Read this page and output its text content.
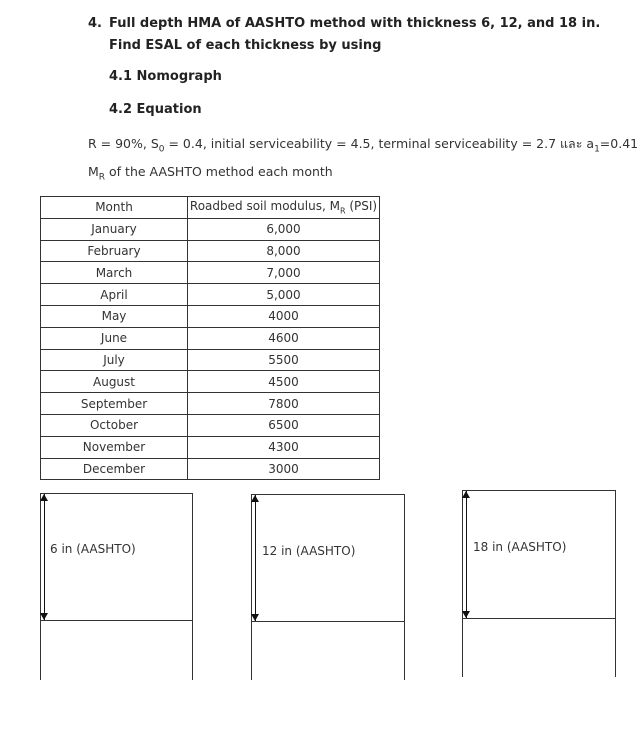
4. Full depth HMA of AASHTO method with thickness 6, 12, and 18 in. Find ESAL of each thickness by using
4.1 Nomograph
4.2 Equation
R = 90%, $S_0 = 0.4$, initial serviceability = 4.5, terminal serviceability = 2.7 และ $a_1=0.41$
$M_R$ of the AASHTO method each month
Month	Roadbed soil modulus, $M_R$ (PSI)
January	6,000
February	8,000
March	7,000
April	5,000
May	4000
June	4600
July	5500
August	4500
September	7800
October	6500
November	4300
December	3000
6 in (AASHTO)	12 in (AASHTO)	18 in (AASHTO)
